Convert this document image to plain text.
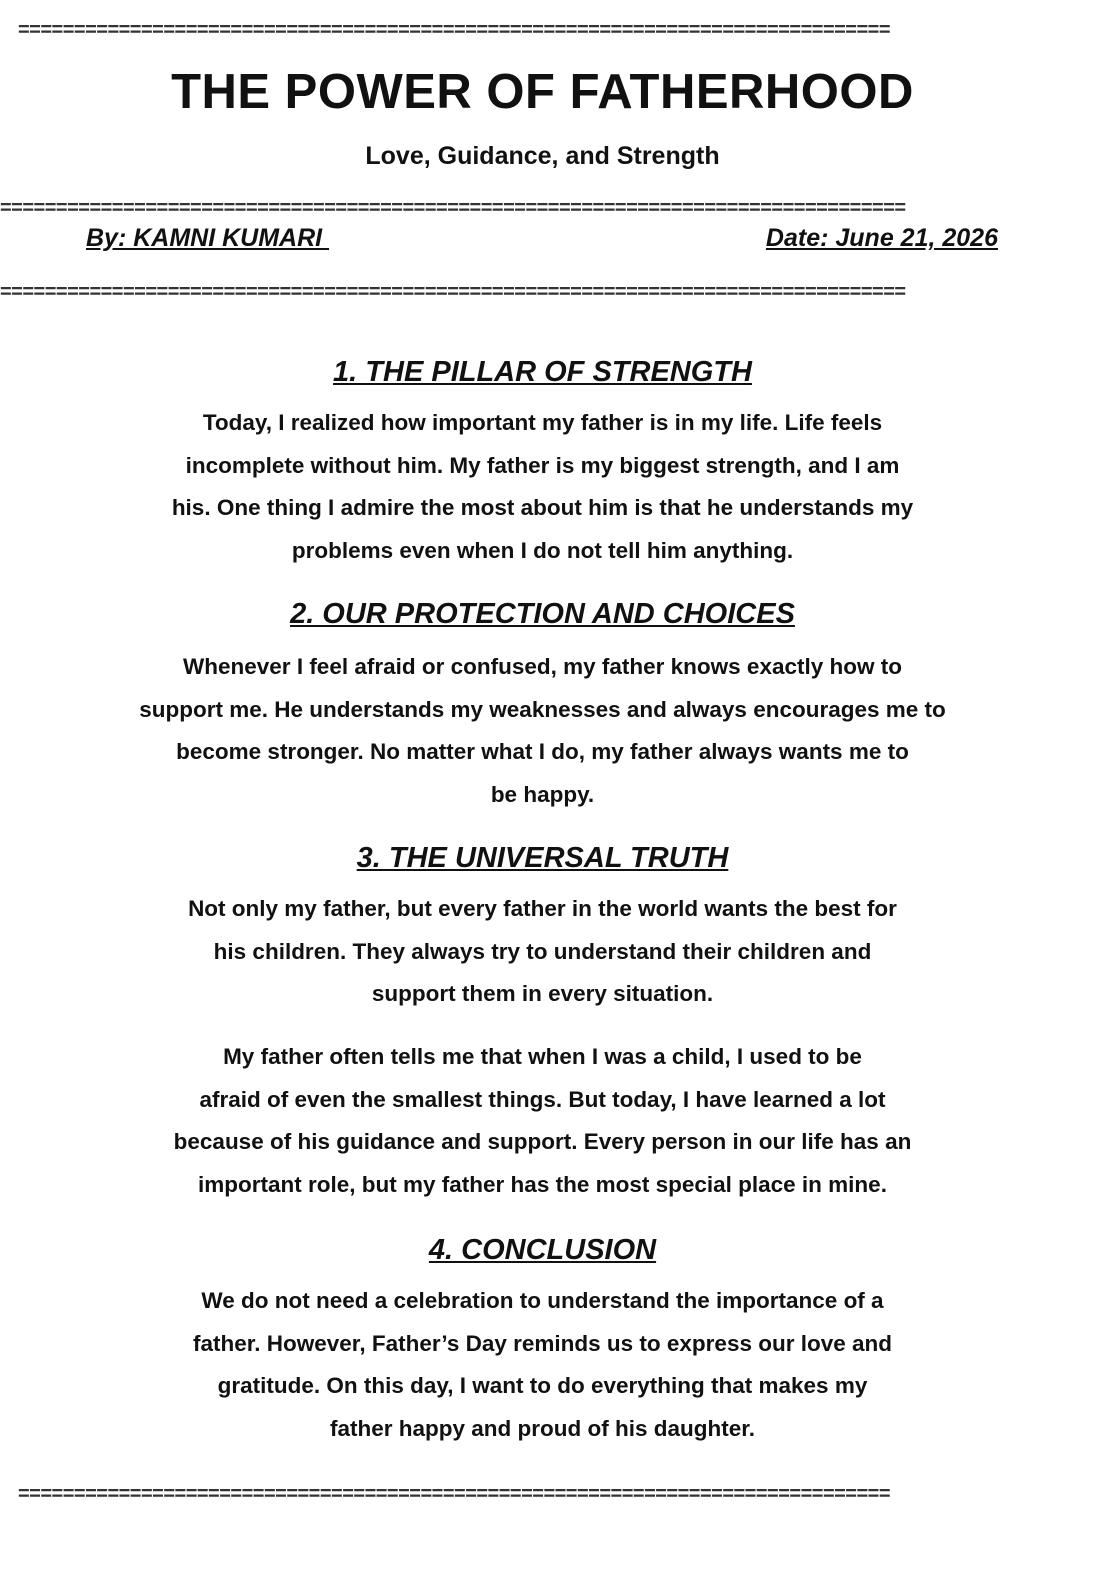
==============================================================================
THE POWER OF FATHERHOOD
Love, Guidance, and Strength
=================================================================================
By: KAMNI KUMARI	Date: June 21, 2026
=================================================================================
1. THE PILLAR OF STRENGTH
Today, I realized how important my father is in my life. Life feels
incomplete without him. My father is my biggest strength, and I am
his. One thing I admire the most about him is that he understands my
problems even when I do not tell him anything.
2. OUR PROTECTION AND CHOICES
Whenever I feel afraid or confused, my father knows exactly how to
support me. He understands my weaknesses and always encourages me to
become stronger. No matter what I do, my father always wants me to
be happy.
3. THE UNIVERSAL TRUTH
Not only my father, but every father in the world wants the best for
his children. They always try to understand their children and
support them in every situation.
My father often tells me that when I was a child, I used to be
afraid of even the smallest things. But today, I have learned a lot
because of his guidance and support. Every person in our life has an
important role, but my father has the most special place in mine.
4. CONCLUSION
We do not need a celebration to understand the importance of a
father. However, Father’s Day reminds us to express our love and
gratitude. On this day, I want to do everything that makes my
father happy and proud of his daughter.
==============================================================================
